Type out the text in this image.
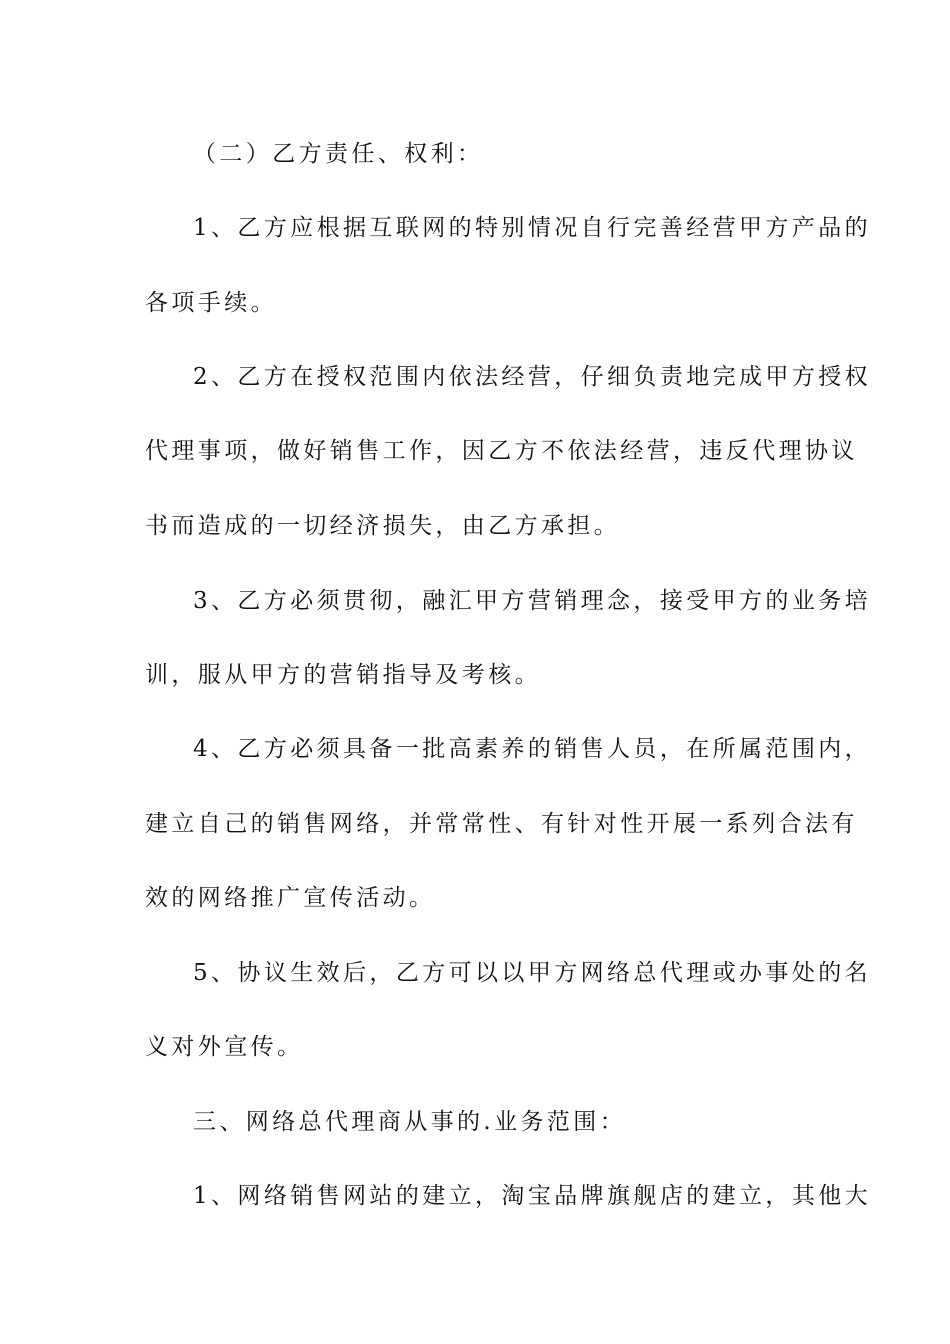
（二）乙方责任、权利：
1、乙方应根据互联网的特别情况自行完善经营甲方产品的
各项手续。
2、乙方在授权范围内依法经营，仔细负责地完成甲方授权
代理事项，做好销售工作，因乙方不依法经营，违反代理协议
书而造成的一切经济损失，由乙方承担。
3、乙方必须贯彻，融汇甲方营销理念，接受甲方的业务培
训，服从甲方的营销指导及考核。
4、乙方必须具备一批高素养的销售人员，在所属范围内，
建立自己的销售网络，并常常性、有针对性开展一系列合法有
效的网络推广宣传活动。
5、协议生效后，乙方可以以甲方网络总代理或办事处的名
义对外宣传。
三、网络总代理商从事的.业务范围：
1、网络销售网站的建立，淘宝品牌旗舰店的建立，其他大
